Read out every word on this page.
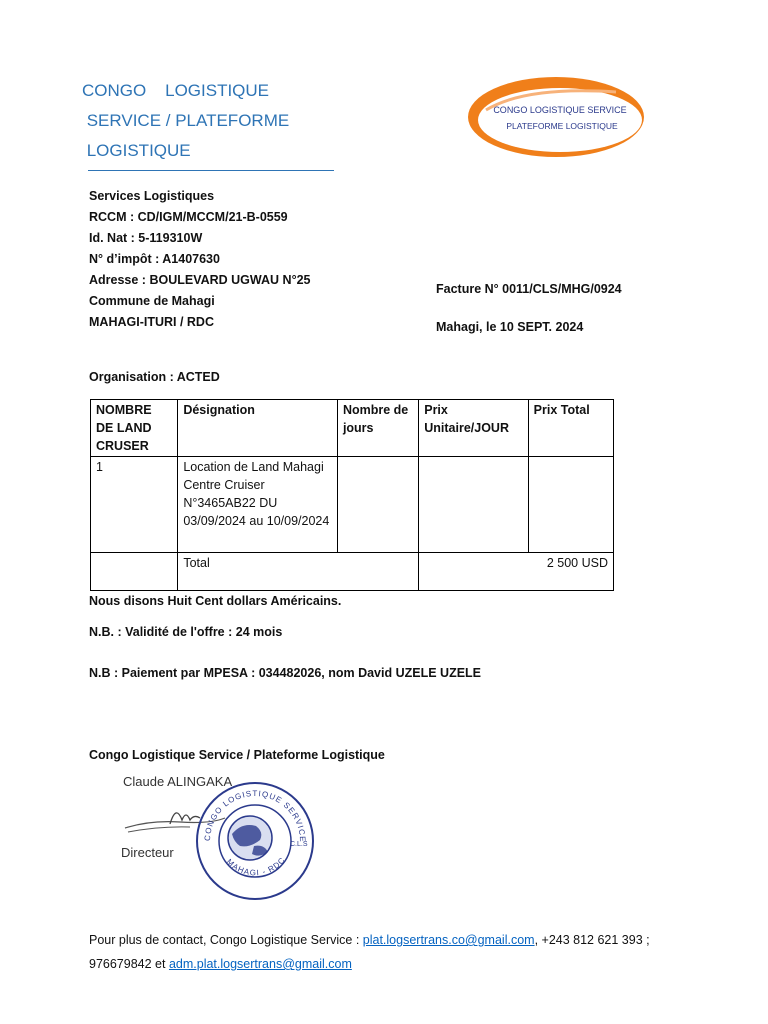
CONGO    LOGISTIQUE
SERVICE / PLATEFORME
LOGISTIQUE
CONGO LOGISTIQUE SERVICE
PLATEFORME LOGISTIQUE
Services Logistiques
RCCM : CD/IGM/MCCM/21-B-0559
Id. Nat : 5-119310W
N° d’impôt : A1407630
Adresse : BOULEVARD UGWAU N°25
Commune de Mahagi
MAHAGI-ITURI / RDC
Facture N° 0011/CLS/MHG/0924
Mahagi, le 10 SEPT. 2024
Organisation : ACTED
NOMBRE DE LAND CRUSER	Désignation	Nombre de jours	Prix Unitaire/JOUR	Prix Total
1	Location de Land Mahagi Centre Cruiser N°3465AB22 DU 03/09/2024 au 10/09/2024			
	Total		2 500 USD	
Nous disons Huit Cent dollars Américains.
N.B. : Validité de l'offre : 24 mois
N.B : Paiement par MPESA : 034482026, nom David UZELE UZELE
Congo Logistique Service / Plateforme Logistique
Claude ALINGAKA
CONGO LOGISTIQUE SERVICE
MAHAGI - RDC
C.L.S
Directeur
Pour plus de contact, Congo Logistique Service : plat.logsertrans.co@gmail.com, +243 812 621 393 ;
976679842 et adm.plat.logsertrans@gmail.com
